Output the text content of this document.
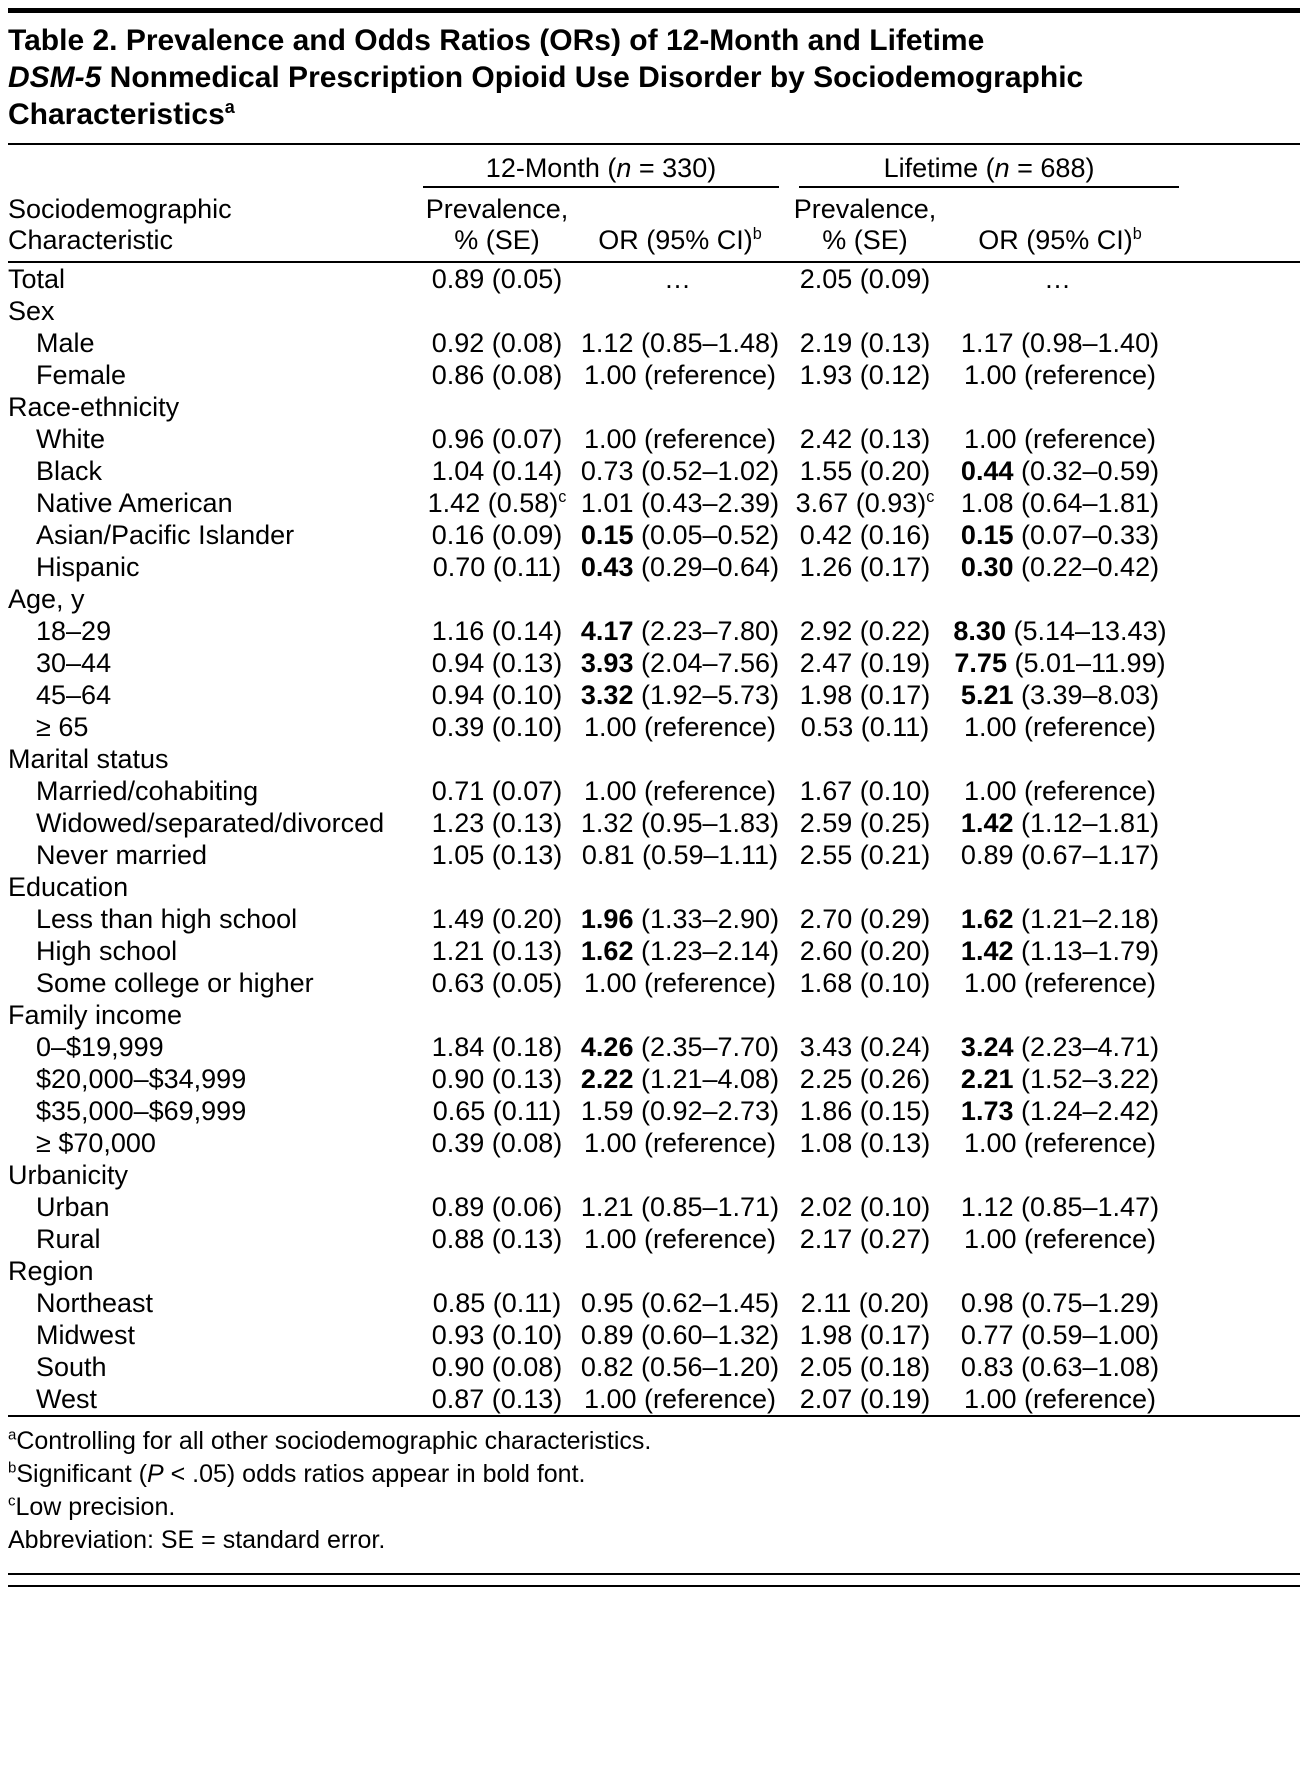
Table 2. Prevalence and Odds Ratios (ORs) of 12-Month and Lifetime
DSM-5 Nonmedical Prescription Opioid Use Disorder by Sociodemographic
Characteristics$^a$

	12-Month (n = 330)		Lifetime (n = 688)		

Sociodemographic
Characteristic

Prevalence,
% (SE)	OR (95% CI)$^b$

Prevalence,
% (SE)	OR (95% CI)$^b$

Total	0.89 (0.05)	…	2.05 (0.09)	…	
Sex					
Male	0.92 (0.08)	1.12 (0.85–1.48)	2.19 (0.13)	1.17 (0.98–1.40)	
Female	0.86 (0.08)	1.00 (reference)	1.93 (0.12)	1.00 (reference)	
Race-ethnicity					
White	0.96 (0.07)	1.00 (reference)	2.42 (0.13)	1.00 (reference)	
Black	1.04 (0.14)	0.73 (0.52–1.02)	1.55 (0.20)	0.44 (0.32–0.59)	
Native American	1.42 $(0.58)^c$	1.01 (0.43–2.39)	3.67 $(0.93)^c$	1.08 (0.64–1.81)	
Asian/Pacific Islander	0.16 (0.09)	0.15 (0.05–0.52)	0.42 (0.16)	0.15 (0.07–0.33)	
Hispanic	0.70 (0.11)	0.43 (0.29–0.64)	1.26 (0.17)	0.30 (0.22–0.42)	
Age, y					
18–29	1.16 (0.14)	4.17 (2.23–7.80)	2.92 (0.22)	8.30 (5.14–13.43)	
30–44	0.94 (0.13)	3.93 (2.04–7.56)	2.47 (0.19)	7.75 (5.01–11.99)	
45–64	0.94 (0.10)	3.32 (1.92–5.73)	1.98 (0.17)	5.21 (3.39–8.03)	
≥ 65	0.39 (0.10)	1.00 (reference)	0.53 (0.11)	1.00 (reference)	
Marital status					
Married/cohabiting	0.71 (0.07)	1.00 (reference)	1.67 (0.10)	1.00 (reference)	
Widowed/separated/divorced	1.23 (0.13)	1.32 (0.95–1.83)	2.59 (0.25)	1.42 (1.12–1.81)	
Never married	1.05 (0.13)	0.81 (0.59–1.11)	2.55 (0.21)	0.89 (0.67–1.17)	
Education					
Less than high school	1.49 (0.20)	1.96 (1.33–2.90)	2.70 (0.29)	1.62 (1.21–2.18)	
High school	1.21 (0.13)	1.62 (1.23–2.14)	2.60 (0.20)	1.42 (1.13–1.79)	
Some college or higher	0.63 (0.05)	1.00 (reference)	1.68 (0.10)	1.00 (reference)	
Family income					
0–$19,999	1.84 (0.18)	4.26 (2.35–7.70)	3.43 (0.24)	3.24 (2.23–4.71)	
$20,000–$34,999	0.90 (0.13)	2.22 (1.21–4.08)	2.25 (0.26)	2.21 (1.52–3.22)	
$35,000–$69,999	0.65 (0.11)	1.59 (0.92–2.73)	1.86 (0.15)	1.73 (1.24–2.42)	
≥ $70,000	0.39 (0.08)	1.00 (reference)	1.08 (0.13)	1.00 (reference)	
Urbanicity					
Urban	0.89 (0.06)	1.21 (0.85–1.71)	2.02 (0.10)	1.12 (0.85–1.47)	
Rural	0.88 (0.13)	1.00 (reference)	2.17 (0.27)	1.00 (reference)	
Region					
Northeast	0.85 (0.11)	0.95 (0.62–1.45)	2.11 (0.20)	0.98 (0.75–1.29)	
Midwest	0.93 (0.10)	0.89 (0.60–1.32)	1.98 (0.17)	0.77 (0.59–1.00)	
South	0.90 (0.08)	0.82 (0.56–1.20)	2.05 (0.18)	0.83 (0.63–1.08)	
West	0.87 (0.13)	1.00 (reference)	2.07 (0.19)	1.00 (reference)	
$^a$Controlling for all other sociodemographic characteristics.
$^b$Significant (P < .05) odds ratios appear in bold font.
$^c$Low precision.
Abbreviation: SE = standard error.
